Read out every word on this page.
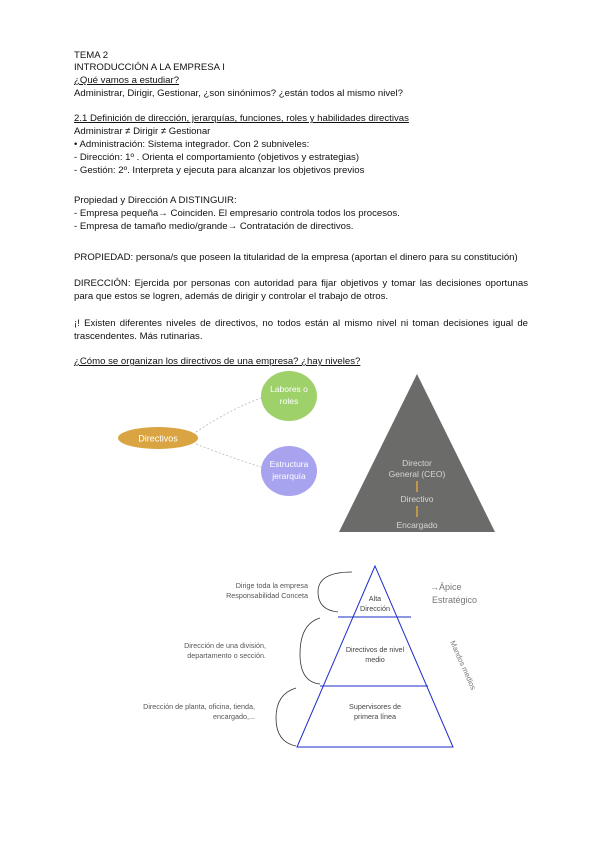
TEMA 2
INTRODUCCIÓN A LA EMPRESA I
¿Qué vamos a estudiar?
Administrar, Dirigir, Gestionar, ¿son sinónimos? ¿están todos al mismo nivel?
2.1 Definición de dirección, jerarquías, funciones, roles y habilidades directivas
Administrar ≠ Dirigir ≠ Gestionar
• Administración: Sistema integrador. Con 2 subniveles:
- Dirección: 1º . Orienta el comportamiento (objetivos y estrategias)
- Gestión: 2º. Interpreta y ejecuta para alcanzar los objetivos previos
Propiedad y Dirección A DISTINGUIR:
- Empresa pequeña→ Coinciden. El empresario controla todos los procesos.
- Empresa de tamaño medio/grande→ Contratación de directivos.
PROPIEDAD: persona/s que poseen la titularidad de la empresa (aportan el dinero para su constitución)
DIRECCIÓN: Ejercida por personas con autoridad para fijar objetivos y tomar las decisiones oportunas para que estos se logren, además de dirigir y controlar el trabajo de otros.
¡! Existen diferentes niveles de directivos, no todos están al mismo nivel ni toman decisiones igual de trascendentes. Más rutinarias.
¿Cómo se organizan los directivos de una empresa? ¿hay niveles?
Directivos
Labores o
roles
Estructura
jerarquía
Director
General (CEO)
Directivo
Encargado
Alta
Dirección
Directivos de nivel
medio
Supervisores de
primera línea
Dirige toda la empresa
Responsabilidad Conceta
Dirección de una división,
departamento o sección.
Dirección de planta, oficina, tienda,
encargado,...
→Ápice
Estratégico
Mandos medios
